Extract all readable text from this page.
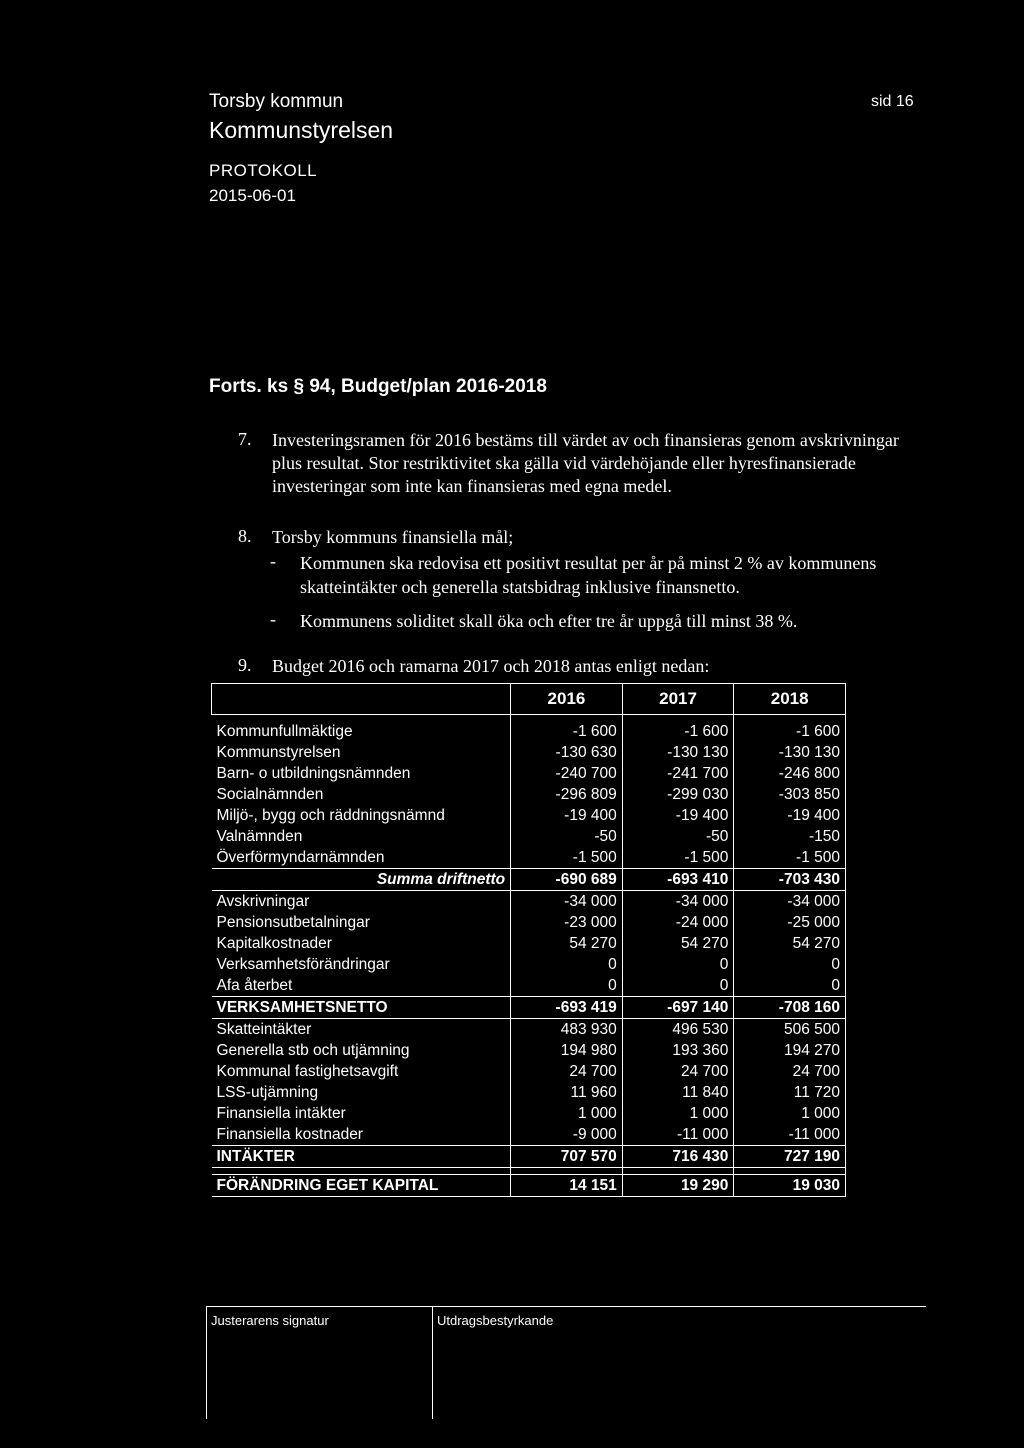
Torsby kommun	sid 16
Kommunstyrelsen
PROTOKOLL
2015-06-01
Forts. ks § 94, Budget/plan 2016-2018
7. Investeringsramen för 2016 bestäms till värdet av och finansieras genom avskrivningar plus resultat. Stor restriktivitet ska gälla vid värdehöjande eller hyresfinansierade investeringar som inte kan finansieras med egna medel.
8. Torsby kommuns finansiella mål;
- Kommunen ska redovisa ett positivt resultat per år på minst 2 % av kommunens skatteintäkter och generella statsbidrag inklusive finansnetto.
- Kommunens soliditet skall öka och efter tre år uppgå till minst 38 %.
9. Budget 2016 och ramarna 2017 och 2018 antas enligt nedan:
	2016	2017	2018

Kommunfullmäktige	-1 600	-1 600	-1 600
Kommunstyrelsen	-130 630	-130 130	-130 130
Barn- o utbildningsnämnden	-240 700	-241 700	-246 800
Socialnämnden	-296 809	-299 030	-303 850
Miljö-, bygg och räddningsnämnd	-19 400	-19 400	-19 400
Valnämnden	-50	-50	-150
Överförmyndarnämnden	-1 500	-1 500	-1 500
Summa driftnetto	-690 689	-693 410	-703 430
Avskrivningar	-34 000	-34 000	-34 000
Pensionsutbetalningar	-23 000	-24 000	-25 000
Kapitalkostnader	54 270	54 270	54 270
Verksamhetsförändringar	0	0	0
Afa återbet	0	0	0
VERKSAMHETSNETTO	-693 419	-697 140	-708 160
Skatteintäkter	483 930	496 530	506 500
Generella stb och utjämning	194 980	193 360	194 270
Kommunal fastighetsavgift	24 700	24 700	24 700
LSS-utjämning	11 960	11 840	11 720
Finansiella intäkter	1 000	1 000	1 000
Finansiella kostnader	-9 000	-11 000	-11 000
INTÄKTER	707 570	716 430	727 190

FÖRÄNDRING EGET KAPITAL	14 151	19 290	19 030
Justerarens signatur	Utdragsbestyrkande
